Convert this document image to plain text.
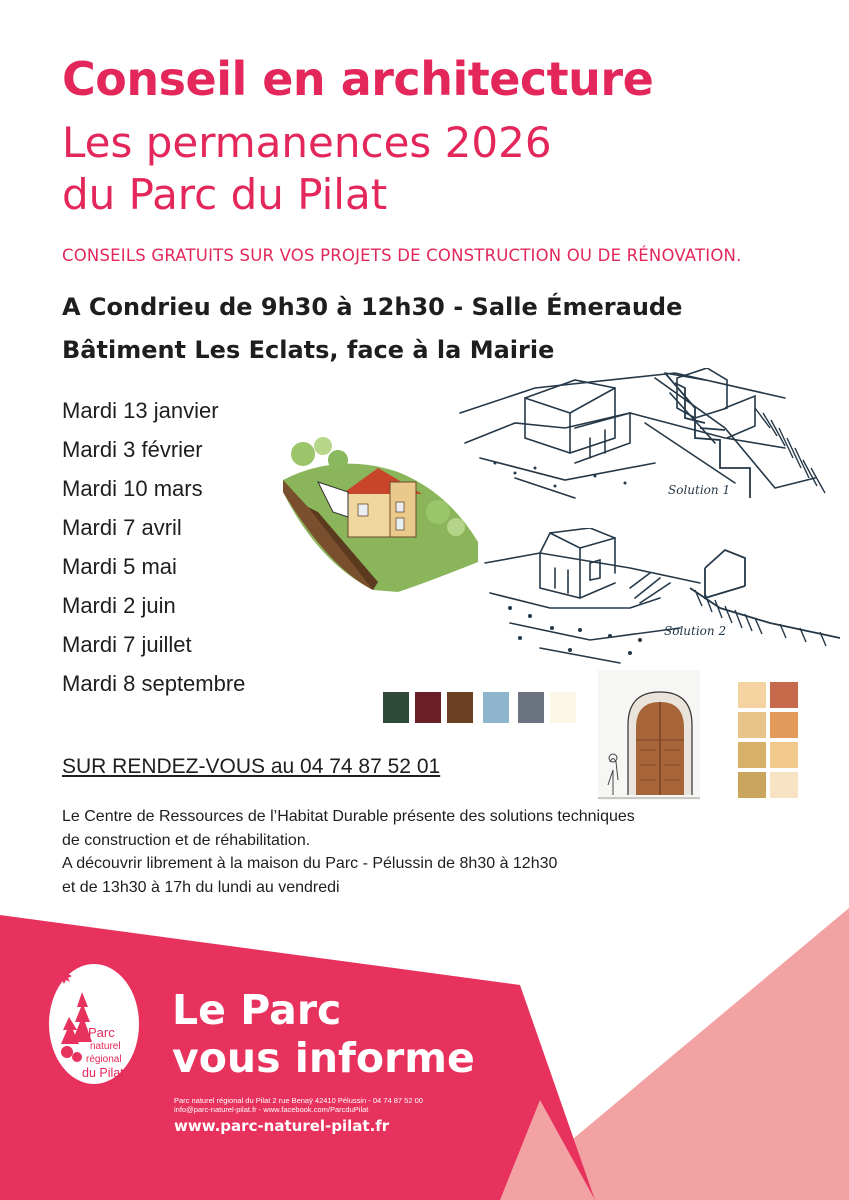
Conseil en architecture
Les permanences 2026
du Parc du Pilat
CONSEILS GRATUITS SUR VOS PROJETS DE CONSTRUCTION OU DE RÉNOVATION.
A Condrieu de 9h30 à 12h30 - Salle Émeraude
Bâtiment Les Eclats, face à la Mairie
Mardi 13 janvier
Mardi 3 février
Mardi 10 mars
Mardi 7 avril
Mardi 5 mai
Mardi 2 juin
Mardi 7 juillet
Mardi 8 septembre
Solution 1
Solution 2
SUR RENDEZ-VOUS au 04 74 87 52 01
Le Centre de Ressources de l’Habitat Durable présente des solutions techniques
de construction et de réhabilitation.
A découvrir librement à la maison du Parc - Pélussin de 8h30 à 12h30
et de 13h30 à 17h du lundi au vendredi
Parc
naturel
régional
du Pilat
Le Parc
vous informe
Parc naturel régional du Pilat 2 rue Benaÿ 42410 Pélussin - 04 74 87 52 00
info@parc-naturel-pilat.fr - www.facebook.com/ParcduPilat
www.parc-naturel-pilat.fr
